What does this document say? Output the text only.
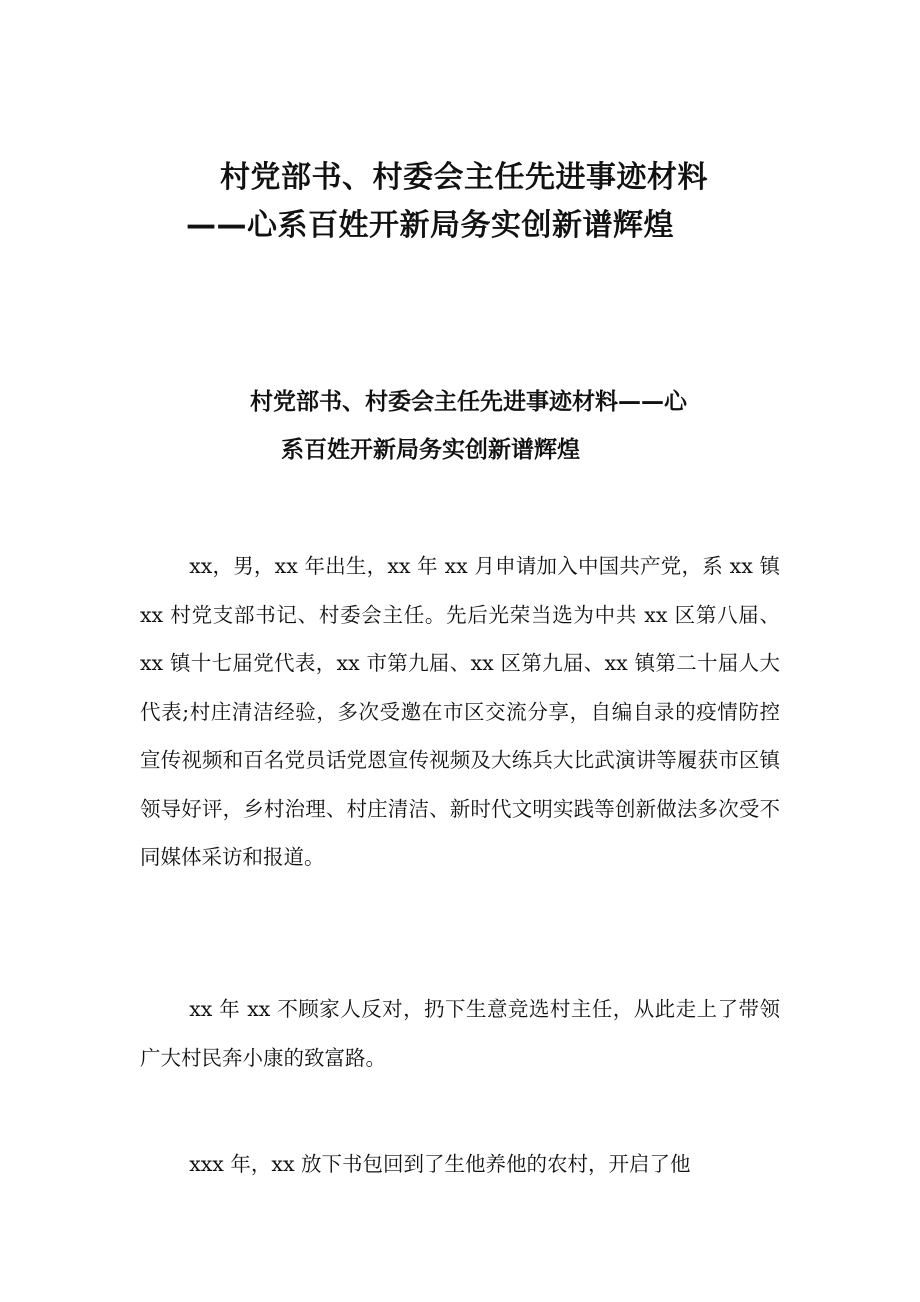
村党部书、村委会主任先进事迹材料
——心系百姓开新局务实创新谱辉煌
村党部书、村委会主任先进事迹材料——心
系百姓开新局务实创新谱辉煌

xx，男，xx 年出生，xx 年 xx 月申请加入中国共产党，系 xx 镇 xx 村党支部书记、村委会主任。先后光荣当选为中共 xx 区第八届、xx 镇十七届党代表，xx 市第九届、xx 区第九届、xx 镇第二十届人大代表;村庄清洁经验，多次受邀在市区交流分享，自编自录的疫情防控宣传视频和百名党员话党恩宣传视频及大练兵大比武演讲等履获市区镇领导好评，乡村治理、村庄清洁、新时代文明实践等创新做法多次受不同媒体采访和报道。

xx 年 xx 不顾家人反对，扔下生意竞选村主任，从此走上了带领广大村民奔小康的致富路。

xxx 年，xx 放下书包回到了生他养他的农村，开启了他
